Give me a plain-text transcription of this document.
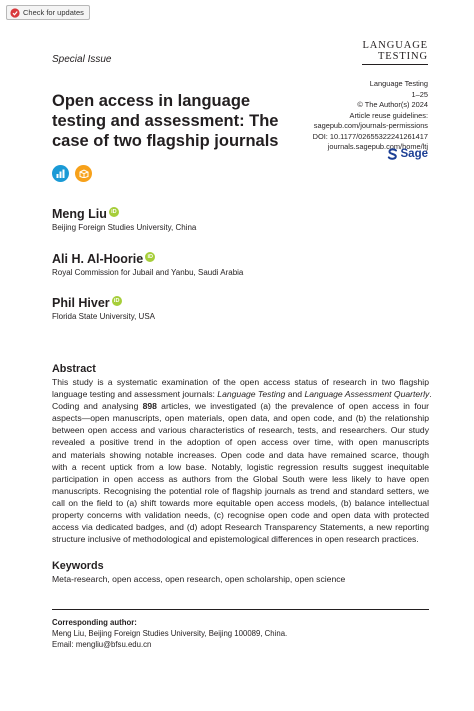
Check for updates
Special Issue
LANGUAGE
TESTING
Language Testing
1–25
© The Author(s) 2024
Article reuse guidelines:
sagepub.com/journals-permissions
DOI: 10.1177/02655322241261417
journals.sagepub.com/home/ltj
Sage
Open access in language
testing and assessment: The
case of two flagship journals
Meng Liu iD
Beijing Foreign Studies University, China
Ali H. Al-Hoorie iD
Royal Commission for Jubail and Yanbu, Saudi Arabia
Phil Hiver iD
Florida State University, USA
Abstract

This study is a systematic examination of the open access status of research in two flagship
language testing and assessment journals: Language Testing and Language Assessment Quarterly.
Coding and analysing 898 articles, we investigated (a) the prevalence of open access in four
aspects—open manuscripts, open materials, open data, and open code, and (b) the relationship
between open access and various characteristics of research, tests, and researchers. Our study
revealed a positive trend in the adoption of open access over time, with open manuscripts
and materials showing notable increases. Open code and data have remained scarce, though
with a recent uptick from a low base. Notably, logistic regression results suggest inequitable
participation in open access as authors from the Global South were less likely to have open
manuscripts. Recognising the potential role of flagship journals as trend and standard setters, we
call on the field to (a) shift towards more equitable open access models, (b) balance intellectual
property concerns with validation needs, (c) recognise open code and open data with protected
access via dedicated badges, and (d) adopt Research Transparency Statements, a new reporting
structure inclusive of methodological and epistemological differences in open research practices.

Keywords
Meta-research, open access, open research, open scholarship, open science
Corresponding author:
Meng Liu, Beijing Foreign Studies University, Beijing 100089, China.
Email: mengliu@bfsu.edu.cn
